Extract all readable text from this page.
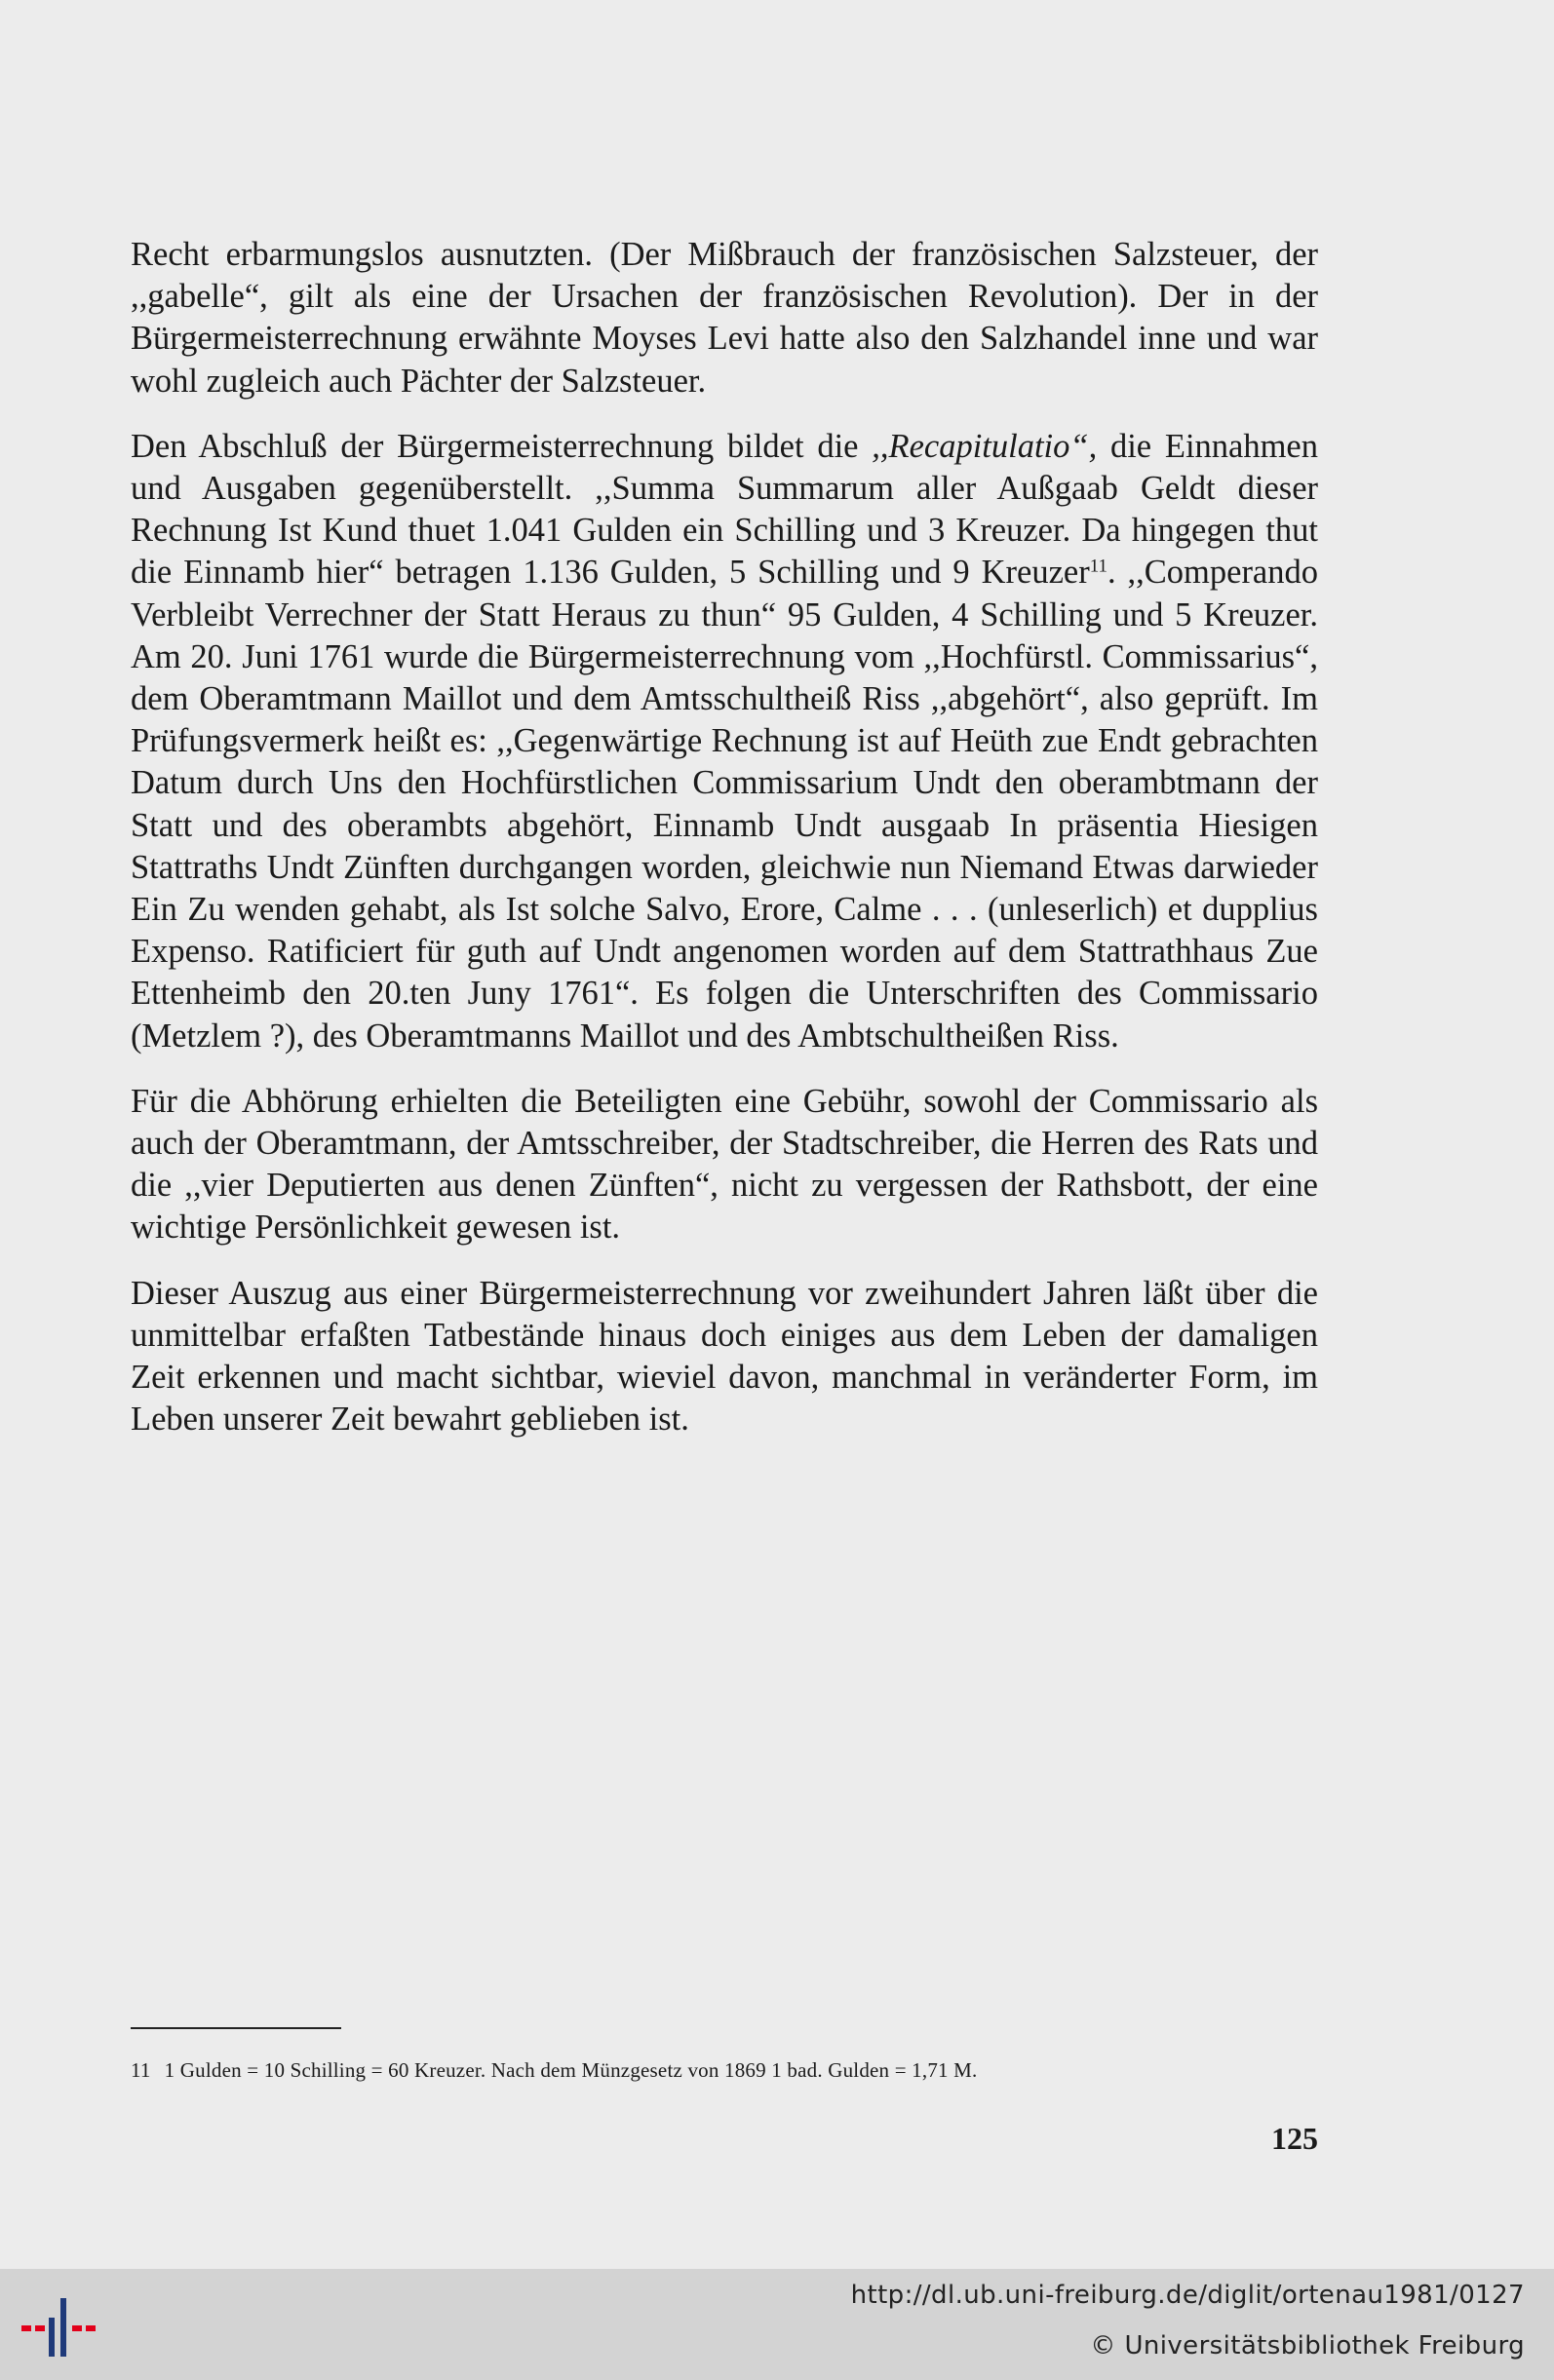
Recht erbarmungslos ausnutzten. (Der Mißbrauch der französischen Salzsteuer, der ,,gabelle“, gilt als eine der Ursachen der französischen Revolution). Der in der Bürgermeisterrechnung erwähnte Moyses Levi hatte also den Salzhandel inne und war wohl zugleich auch Pächter der Salzsteuer.

Den Abschluß der Bürgermeisterrechnung bildet die ,,Recapitulatio“, die Einnahmen und Ausgaben gegenüberstellt. ,,Summa Summarum aller Außgaab Geldt dieser Rechnung Ist Kund thuet 1.041 Gulden ein Schilling und 3 Kreuzer. Da hingegen thut die Einnamb hier“ betragen 1.136 Gulden, 5 Schilling und 9 Kreuzer$^{11}$. ,,Comperando Verbleibt Verrechner der Statt Heraus zu thun“ 95 Gulden, 4 Schilling und 5 Kreuzer. Am 20. Juni 1761 wurde die Bürgermeisterrechnung vom ,,Hochfürstl. Commissarius“, dem Oberamtmann Maillot und dem Amtsschultheiß Riss ,,abgehört“, also geprüft. Im Prüfungsvermerk heißt es: ,,Gegenwärtige Rechnung ist auf Heüth zue Endt gebrachten Datum durch Uns den Hochfürstlichen Commissarium Undt den oberambtmann der Statt und des oberambts abgehört, Einnamb Undt ausgaab In präsentia Hiesigen Stattraths Undt Zünften durchgangen worden, gleichwie nun Niemand Etwas darwieder Ein Zu wenden gehabt, als Ist solche Salvo, Erore, Calme . . . (unleserlich) et dupplius Expenso. Ratificiert für guth auf Undt angenomen worden auf dem Stattrathhaus Zue Ettenheimb den 20.ten Juny 1761“. Es folgen die Unterschriften des Commissario (Metzlem ?), des Oberamtmanns Maillot und des Ambtschultheißen Riss.

Für die Abhörung erhielten die Beteiligten eine Gebühr, sowohl der Commissario als auch der Oberamtmann, der Amtsschreiber, der Stadtschreiber, die Herren des Rats und die ,,vier Deputierten aus denen Zünften“, nicht zu vergessen der Rathsbott, der eine wichtige Persönlichkeit gewesen ist.

Dieser Auszug aus einer Bürgermeisterrechnung vor zweihundert Jahren läßt über die unmittelbar erfaßten Tatbestände hinaus doch einiges aus dem Leben der damaligen Zeit erkennen und macht sichtbar, wieviel davon, manchmal in veränderter Form, im Leben unserer Zeit bewahrt geblieben ist.

11 1 Gulden = 10 Schilling = 60 Kreuzer. Nach dem Münzgesetz von 1869 1 bad. Gulden = 1,71 M.
125
http://dl.ub.uni-freiburg.de/diglit/ortenau1981/0127
© Universitätsbibliothek Freiburg
